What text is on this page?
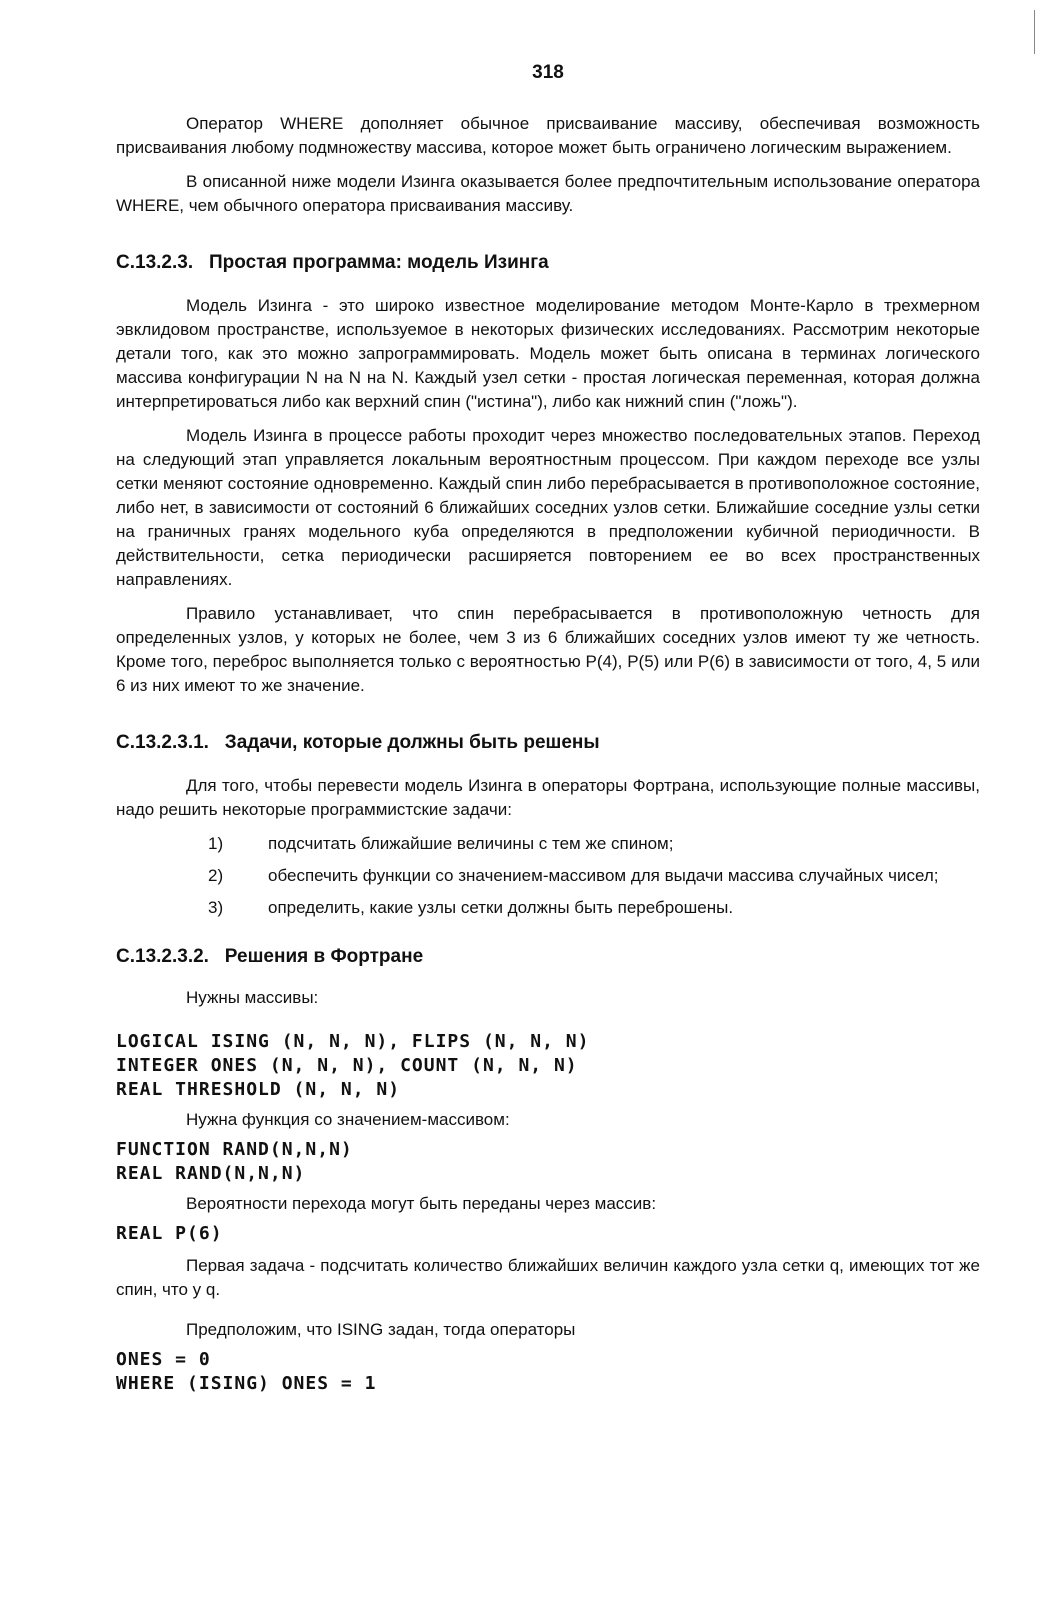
318

Оператор WHERE дополняет обычное присваивание массиву, обеспечивая возможность присваивания любому подмножеству массива, которое может быть ограничено логическим выражением.

В описанной ниже модели Изинга оказывается более предпочтительным использование оператора WHERE, чем обычного оператора присваивания массиву.

С.13.2.3. Простая программа: модель Изинга

Модель Изинга - это широко известное моделирование методом Монте-Карло в трехмерном эвклидовом пространстве, используемое в некоторых физических исследованиях. Рассмотрим некоторые детали того, как это можно запрограммировать. Модель может быть описана в терминах логического массива конфигурации N на N на N. Каждый узел сетки - простая логическая переменная, которая должна интерпретироваться либо как верхний спин ("истина"), либо как нижний спин ("ложь").

Модель Изинга в процессе работы проходит через множество последовательных этапов. Переход на следующий этап управляется локальным вероятностным процессом. При каждом переходе все узлы сетки меняют состояние одновременно. Каждый спин либо перебрасывается в противоположное состояние, либо нет, в зависимости от состояний 6 ближайших соседних узлов сетки. Ближайшие соседние узлы сетки на граничных гранях модельного куба определяются в предположении кубичной периодичности. В действительности, сетка периодически расширяется повторением ее во всех пространственных направлениях.

Правило устанавливает, что спин перебрасывается в противоположную четность для определенных узлов, у которых не более, чем 3 из 6 ближайших соседних узлов имеют ту же четность. Кроме того, переброс выполняется только с вероятностью P(4), P(5) или P(6) в зависимости от того, 4, 5 или 6 из них имеют то же значение.

С.13.2.3.1. Задачи, которые должны быть решены

Для того, чтобы перевести модель Изинга в операторы Фортрана, использующие полные массивы, надо решить некоторые программистские задачи:

1)	подсчитать ближайшие величины с тем же спином;
2)	обеспечить функции со значением-массивом для выдачи массива случайных чисел;
3)	определить, какие узлы сетки должны быть переброшены.
С.13.2.3.2. Решения в Фортране
Нужны массивы:
LOGICAL ISING (N, N, N), FLIPS (N, N, N)
INTEGER ONES (N, N, N), COUNT (N, N, N)
REAL THRESHOLD (N, N, N)
Нужна функция со значением-массивом:
FUNCTION RAND(N,N,N)
REAL RAND(N,N,N)
Вероятности перехода могут быть переданы через массив:
REAL P(6)

Первая задача - подсчитать количество ближайших величин каждого узла сетки q, имеющих тот же спин, что у q.

Предположим, что ISING задан, тогда операторы
ONES = 0
WHERE (ISING) ONES = 1
